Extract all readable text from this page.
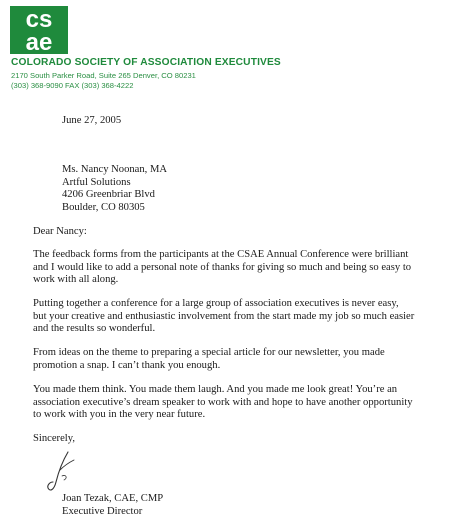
cs
ae
COLORADO SOCIETY OF ASSOCIATION EXECUTIVES
2170 South Parker Road, Suite 265 Denver, CO 80231
(303) 368-9090 FAX (303) 368-4222
June 27, 2005
Ms. Nancy Noonan, MA
Artful Solutions
4206 Greenbriar Blvd
Boulder, CO 80305
Dear Nancy:
The feedback forms from the participants at the CSAE Annual Conference were brilliant
and I would like to add a personal note of thanks for giving so much and being so easy to
work with all along.
Putting together a conference for a large group of association executives is never easy,
but your creative and enthusiastic involvement from the start made my job so much easier
and the results so wonderful.
From ideas on the theme to preparing a special article for our newsletter, you made
promotion a snap. I can’t thank you enough.
You made them think. You made them laugh. And you made me look great! You’re an
association executive’s dream speaker to work with and hope to have another opportunity
to work with you in the very near future.
Sincerely,
Joan Tezak, CAE, CMP
Executive Director
